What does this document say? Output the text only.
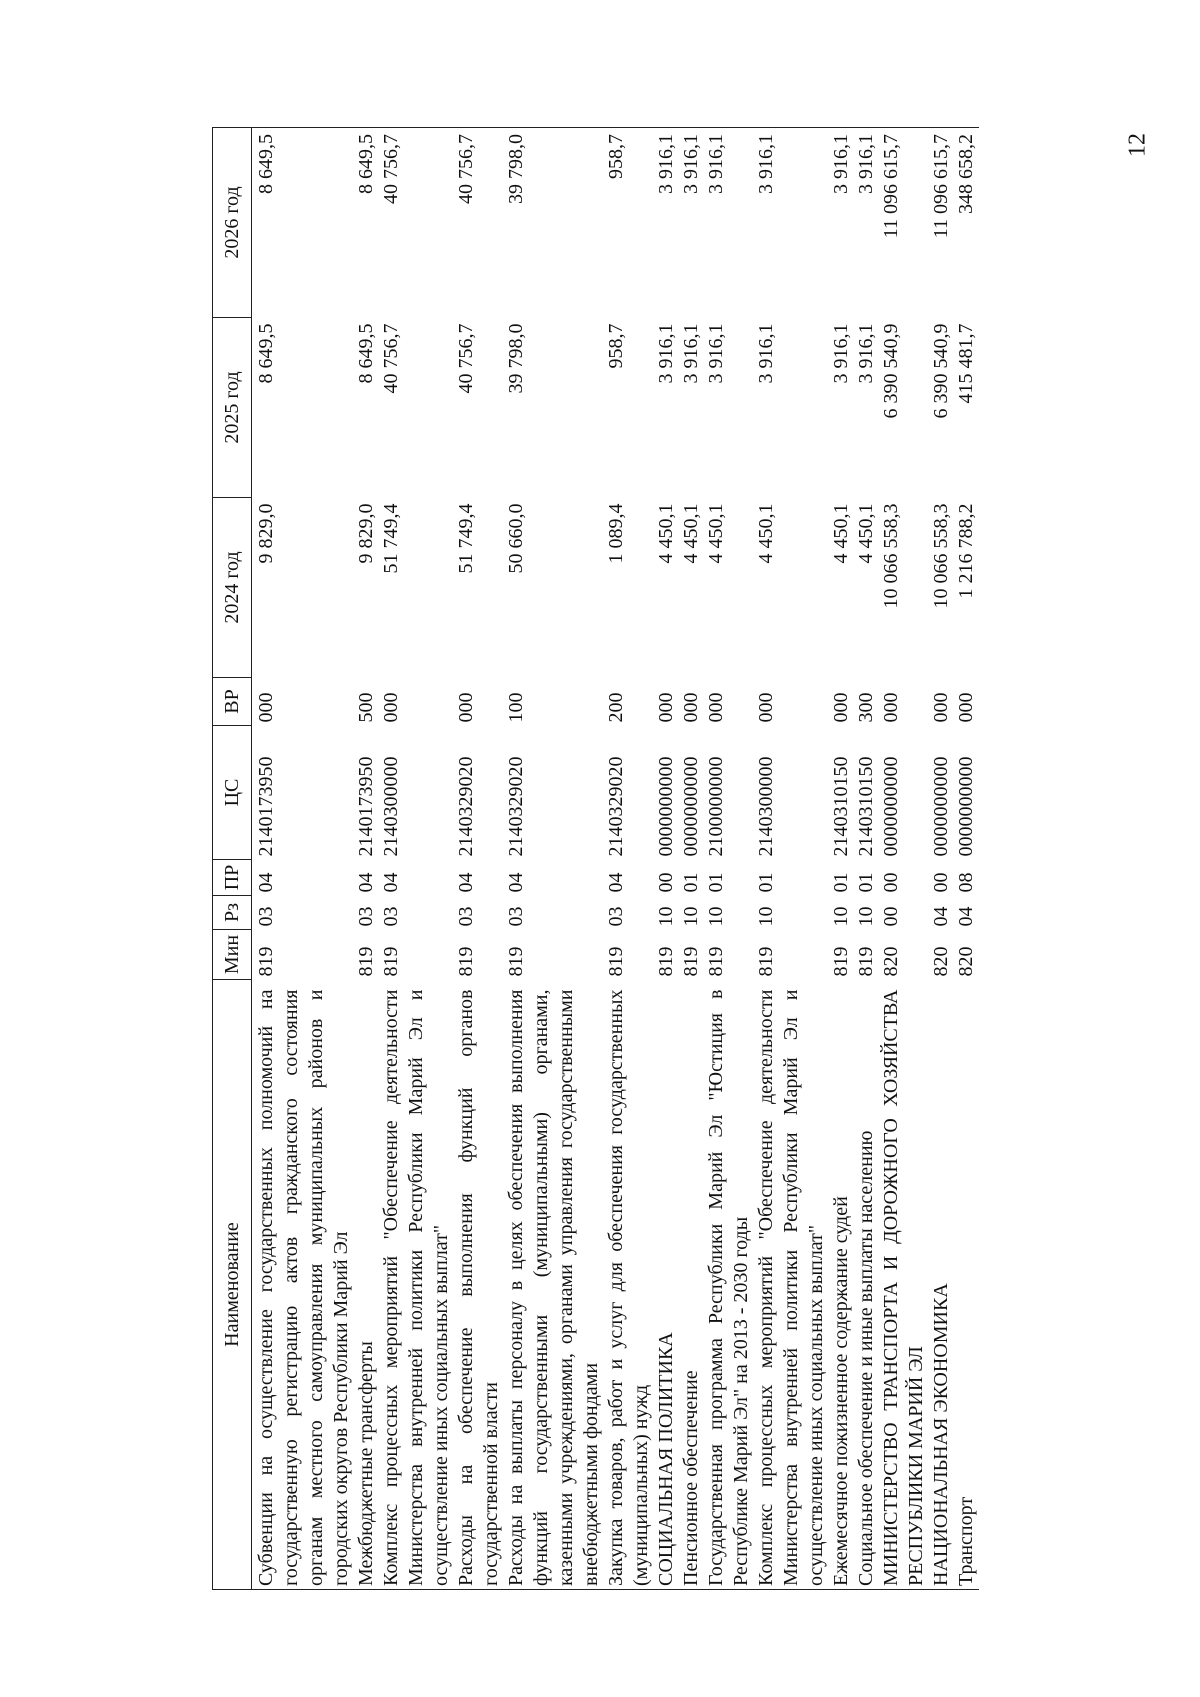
12
Наименование	Мин	Рз	ПР	ЦС	ВР	2024 год	2025 год	2026 год
Субвенции на осуществление государственных полномочий на государственную регистрацию актов гражданского состояния органам местного самоуправления муниципальных районов и городских округов Республики Марий Эл	819	03	04	2140173950	000	9 829,0	8 649,5	8 649,5
Межбюджетные трансферты	819	03	04	2140173950	500	9 829,0	8 649,5	8 649,5
Комплекс процессных мероприятий "Обеспечение деятельности Министерства внутренней политики Республики Марий Эл и осуществление иных социальных выплат"	819	03	04	2140300000	000	51 749,4	40 756,7	40 756,7
Расходы на обеспечение выполнения функций органов государственной власти	819	03	04	2140329020	000	51 749,4	40 756,7	40 756,7
Расходы на выплаты персоналу в целях обеспечения выполнения функций государственными (муниципальными) органами, казенными учреждениями, органами управления государственными внебюджетными фондами	819	03	04	2140329020	100	50 660,0	39 798,0	39 798,0
Закупка товаров, работ и услуг для обеспечения государственных (муниципальных) нужд	819	03	04	2140329020	200	1 089,4	958,7	958,7
СОЦИАЛЬНАЯ ПОЛИТИКА	819	10	00	0000000000	000	4 450,1	3 916,1	3 916,1
Пенсионное обеспечение	819	10	01	0000000000	000	4 450,1	3 916,1	3 916,1
Государственная программа Республики Марий Эл "Юстиция в Республике Марий Эл" на 2013 - 2030 годы	819	10	01	2100000000	000	4 450,1	3 916,1	3 916,1
Комплекс процессных мероприятий "Обеспечение деятельности Министерства внутренней политики Республики Марий Эл и осуществление иных социальных выплат"	819	10	01	2140300000	000	4 450,1	3 916,1	3 916,1
Ежемесячное пожизненное содержание судей	819	10	01	2140310150	000	4 450,1	3 916,1	3 916,1
Социальное обеспечение и иные выплаты населению	819	10	01	2140310150	300	4 450,1	3 916,1	3 916,1
МИНИСТЕРСТВО ТРАНСПОРТА И ДОРОЖНОГО ХОЗЯЙСТВА РЕСПУБЛИКИ МАРИЙ ЭЛ	820	00	00	0000000000	000	10 066 558,3	6 390 540,9	11 096 615,7
НАЦИОНАЛЬНАЯ ЭКОНОМИКА	820	04	00	0000000000	000	10 066 558,3	6 390 540,9	11 096 615,7
Транспорт	820	04	08	0000000000	000	1 216 788,2	415 481,7	348 658,2
